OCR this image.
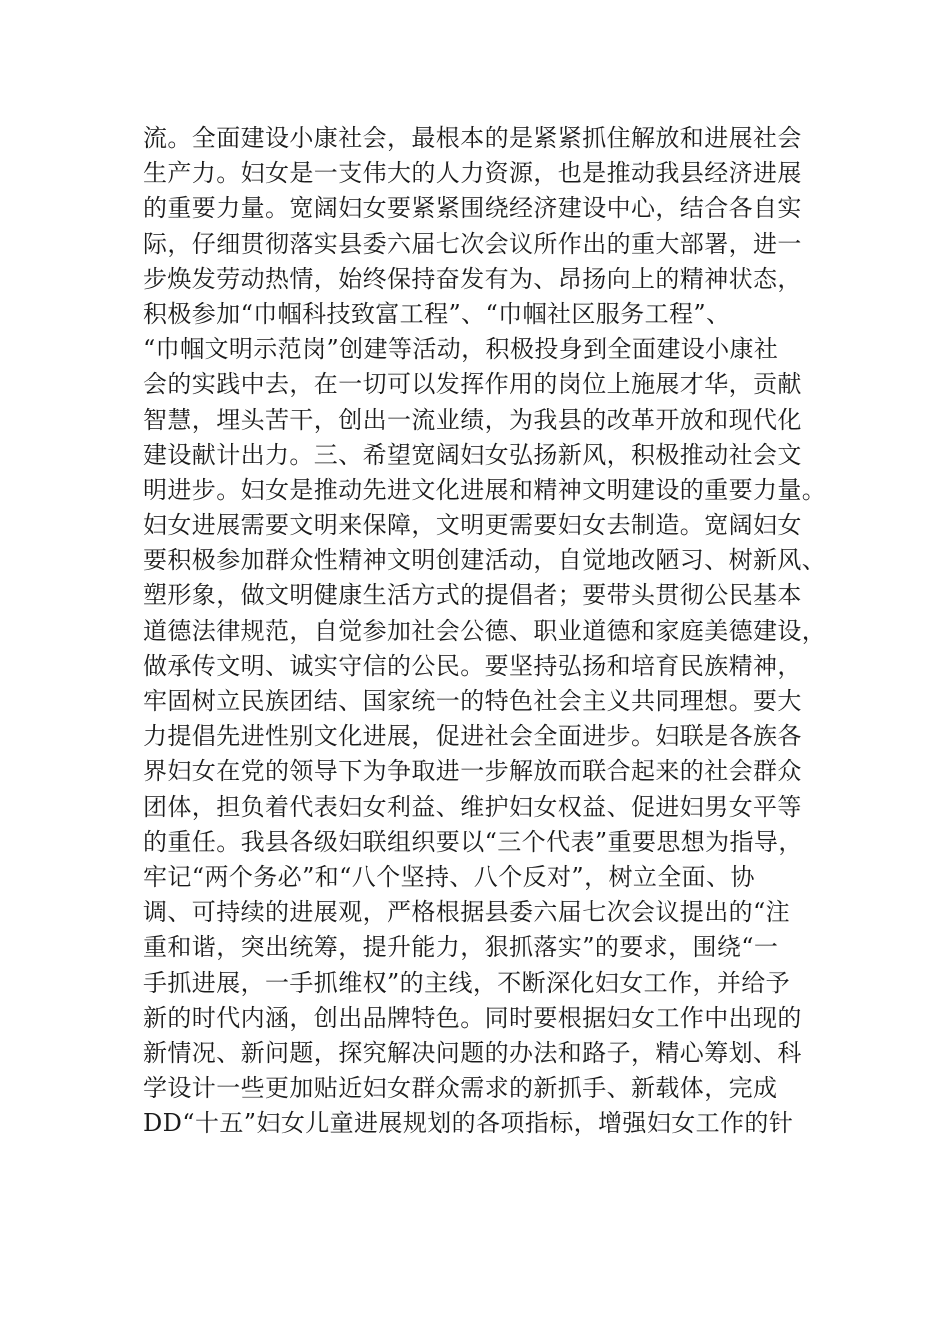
流。全面建设小康社会，最根本的是紧紧抓住解放和进展社会
生产力。妇女是一支伟大的人力资源，也是推动我县经济进展
的重要力量。宽阔妇女要紧紧围绕经济建设中心，结合各自实
际，仔细贯彻落实县委六届七次会议所作出的重大部署，进一
步焕发劳动热情，始终保持奋发有为、昂扬向上的精神状态，
积极参加“巾帼科技致富工程”、“巾帼社区服务工程”、
“巾帼文明示范岗”创建等活动，积极投身到全面建设小康社
会的实践中去，在一切可以发挥作用的岗位上施展才华，贡献
智慧，埋头苦干，创出一流业绩，为我县的改革开放和现代化
建设献计出力。三、希望宽阔妇女弘扬新风，积极推动社会文
明进步。妇女是推动先进文化进展和精神文明建设的重要力量。
妇女进展需要文明来保障，文明更需要妇女去制造。宽阔妇女
要积极参加群众性精神文明创建活动，自觉地改陋习、树新风、
塑形象，做文明健康生活方式的提倡者；要带头贯彻公民基本
道德法律规范，自觉参加社会公德、职业道德和家庭美德建设，
做承传文明、诚实守信的公民。要坚持弘扬和培育民族精神，
牢固树立民族团结、国家统一的特色社会主义共同理想。要大
力提倡先进性别文化进展，促进社会全面进步。妇联是各族各
界妇女在党的领导下为争取进一步解放而联合起来的社会群众
团体，担负着代表妇女利益、维护妇女权益、促进妇男女平等
的重任。我县各级妇联组织要以“三个代表”重要思想为指导，
牢记“两个务必”和“八个坚持、八个反对”，树立全面、协
调、可持续的进展观，严格根据县委六届七次会议提出的“注
重和谐，突出统筹，提升能力，狠抓落实”的要求，围绕“一
手抓进展，一手抓维权”的主线，不断深化妇女工作，并给予
新的时代内涵，创出品牌特色。同时要根据妇女工作中出现的
新情况、新问题，探究解决问题的办法和路子，精心筹划、科
学设计一些更加贴近妇女群众需求的新抓手、新载体，完成
DD“十五”妇女儿童进展规划的各项指标，增强妇女工作的针
